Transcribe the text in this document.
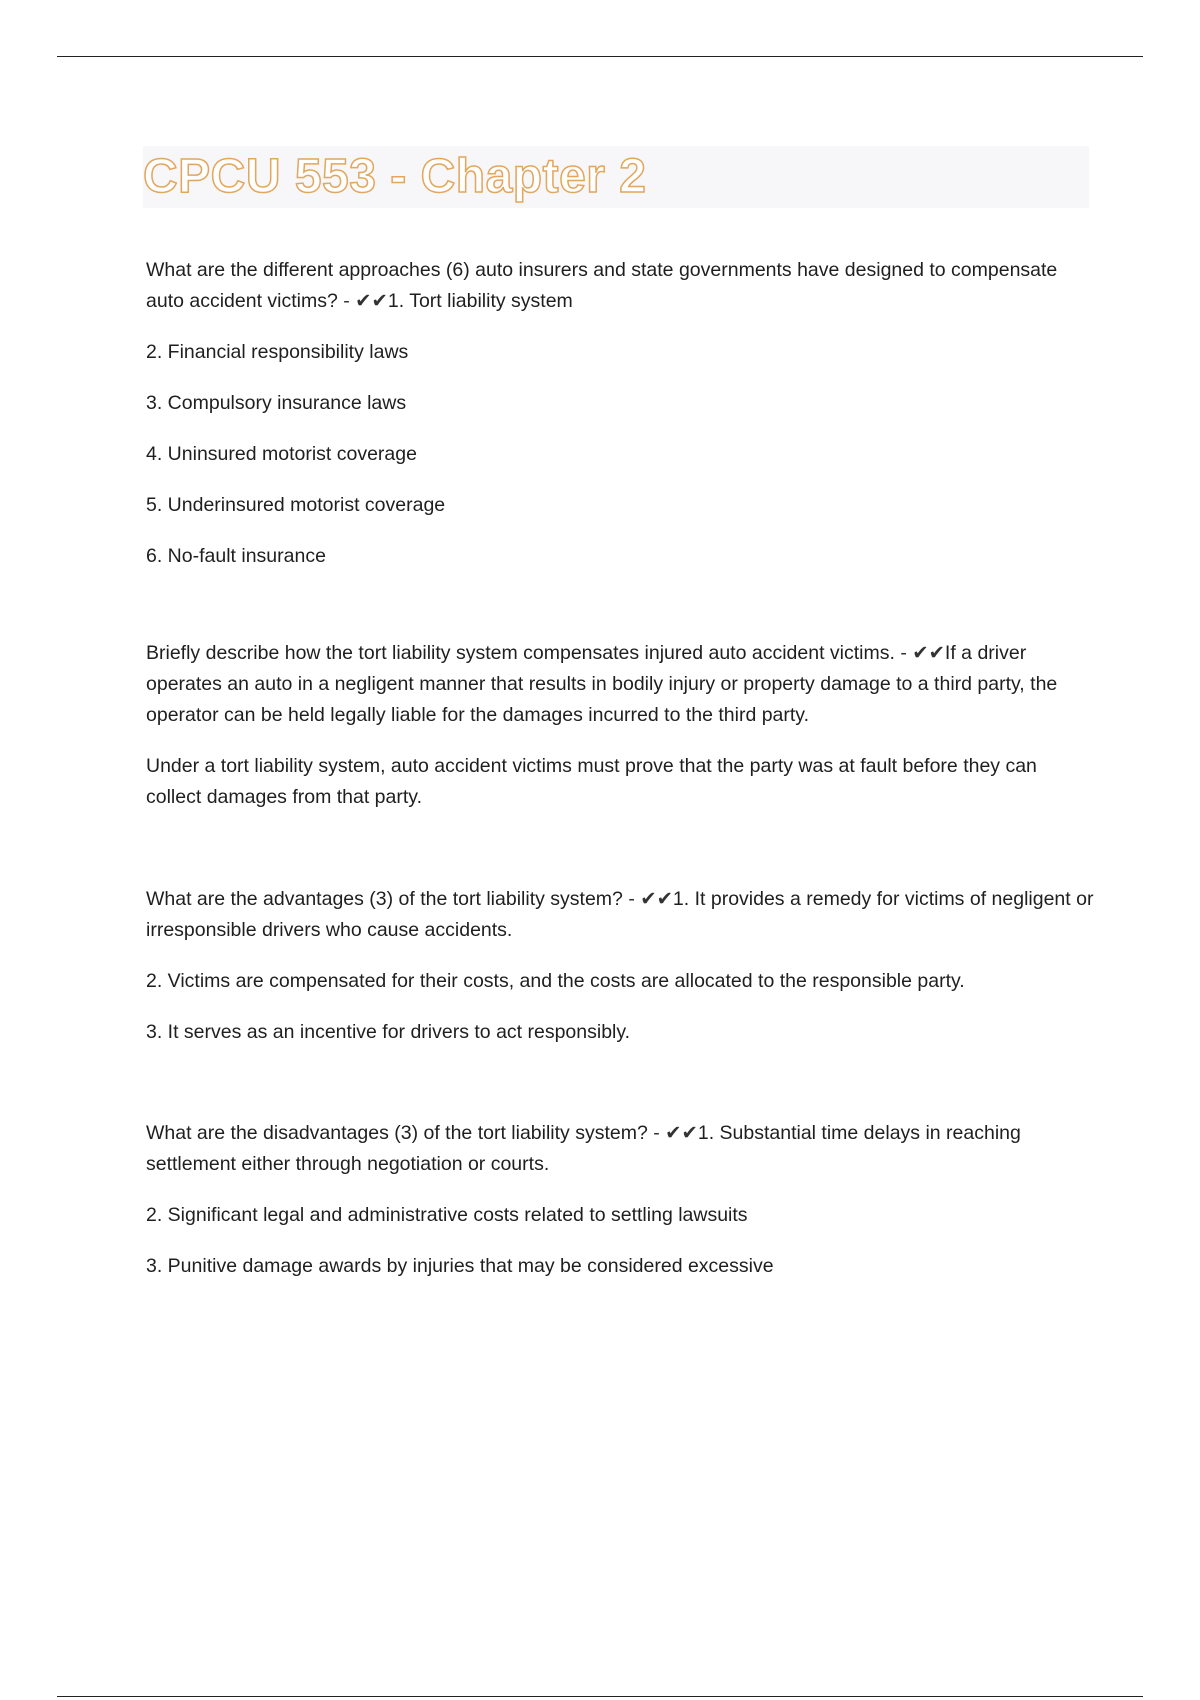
CPCU 553 - Chapter 2

What are the different approaches (6) auto insurers and state governments have designed to compensate auto accident victims? - ✔✔1. Tort liability system

2. Financial responsibility laws

3. Compulsory insurance laws

4. Uninsured motorist coverage

5. Underinsured motorist coverage

6. No-fault insurance

Briefly describe how the tort liability system compensates injured auto accident victims. - ✔✔If a driver operates an auto in a negligent manner that results in bodily injury or property damage to a third party, the operator can be held legally liable for the damages incurred to the third party.

Under a tort liability system, auto accident victims must prove that the party was at fault before they can collect damages from that party.

What are the advantages (3) of the tort liability system? - ✔✔1. It provides a remedy for victims of negligent or irresponsible drivers who cause accidents.

2. Victims are compensated for their costs, and the costs are allocated to the responsible party.

3. It serves as an incentive for drivers to act responsibly.

What are the disadvantages (3) of the tort liability system? - ✔✔1. Substantial time delays in reaching settlement either through negotiation or courts.

2. Significant legal and administrative costs related to settling lawsuits

3. Punitive damage awards by injuries that may be considered excessive
